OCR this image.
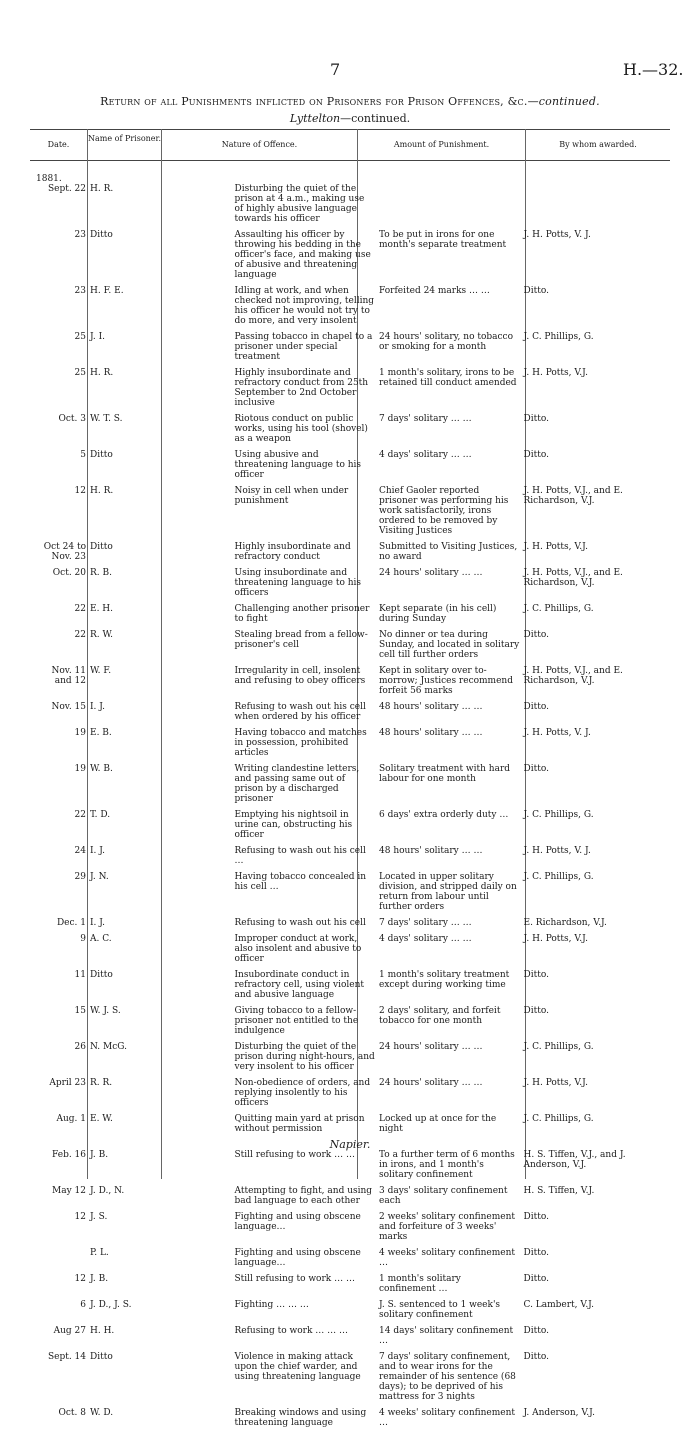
7	H.—32.
Return of all Punishments inflicted on Prisoners for Prison Offences, &c.—continued.
Lyttelton—continued.
Date.
Name of Prisoner.
Nature of Offence.	Amount of Punishment.	By whom awarded.
1881.				
Sept. 22	H. R.	Disturbing the quiet of the prison at 4 a.m., making use of highly abusive language towards his officer		

23	Ditto	Assaulting his officer by throwing his bedding in the officer's face, and making use of abusive and threatening language	To be put in irons for one month's separate treatment	J. H. Potts, V. J.

23	H. F. E.	Idling at work, and when checked not improving, telling his officer he would not try to do more, and very insolent	Forfeited 24 marks … …	Ditto.

25	J. I.	Passing tobacco in chapel to a prisoner under special treatment	24 hours' solitary, no tobacco or smoking for a month	J. C. Phillips, G.

25	H. R.	Highly insubordinate and refractory conduct from 25th September to 2nd October inclusive	1 month's solitary, irons to be retained till conduct amended	J. H. Potts, V.J.

Oct. 3	W. T. S.	Riotous conduct on public works, using his tool (shovel) as a weapon	7 days' solitary … …	Ditto.

5	Ditto	Using abusive and threatening language to his officer	4 days' solitary … …	Ditto.

12	H. R.	Noisy in cell when under punishment	Chief Gaoler reported prisoner was performing his work satisfactorily, irons ordered to be removed by Visiting Justices	J. H. Potts, V.J., and E. Richardson, V.J.

Oct 24 to Nov. 23	Ditto	Highly insubordinate and refractory conduct	Submitted to Visiting Justices, no award	J. H. Potts, V.J.

Oct. 20	R. B.	Using insubordinate and threatening language to his officers	24 hours' solitary … …	J. H. Potts, V.J., and E. Richardson, V.J.

22	E. H.	Challenging another prisoner to fight	Kept separate (in his cell) during Sunday	J. C. Phillips, G.

22	R. W.	Stealing bread from a fellow-prisoner's cell	No dinner or tea during Sunday, and located in solitary cell till further orders	Ditto.

Nov. 11 and 12	W. F.	Irregularity in cell, insolent and refusing to obey officers	Kept in solitary over to-morrow; Justices recommend forfeit 56 marks	J. H. Potts, V.J., and E. Richardson, V.J.

Nov. 15	I. J.	Refusing to wash out his cell when ordered by his officer	48 hours' solitary … …	Ditto.

19	E. B.	Having tobacco and matches in possession, prohibited articles	48 hours' solitary … …	J. H. Potts, V. J.

19	W. B.	Writing clandestine letters, and passing same out of prison by a discharged prisoner	Solitary treatment with hard labour for one month	Ditto.

22	T. D.	Emptying his nightsoil in urine can, obstructing his officer	6 days' extra orderly duty …	J. C. Phillips, G.

24	I. J.	Refusing to wash out his cell …	48 hours' solitary … …	J. H. Potts, V. J.

29	J. N.	Having tobacco concealed in his cell …	Located in upper solitary division, and stripped daily on return from labour until further orders	J. C. Phillips, G.

Dec. 1	I. J.	Refusing to wash out his cell	7 days' solitary … …	E. Richardson, V.J.

9	A. C.	Improper conduct at work, also insolent and abusive to officer	4 days' solitary … …	J. H. Potts, V.J.

11	Ditto	Insubordinate conduct in refractory cell, using violent and abusive language	1 month's solitary treatment except during working time	Ditto.

15	W. J. S.	Giving tobacco to a fellow-prisoner not entitled to the indulgence	2 days' solitary, and forfeit tobacco for one month	Ditto.

26	N. McG.	Disturbing the quiet of the prison during night-hours, and very insolent to his officer	24 hours' solitary … …	J. C. Phillips, G.

April 23	R. R.	Non-obedience of orders, and replying insolently to his officers	24 hours' solitary … …	J. H. Potts, V.J.

Aug. 1	E. W.	Quitting main yard at prison without permission	Locked up at once for the night	J. C. Phillips, G.

Napier.				
Feb. 16	J. B.	Still refusing to work … …	To a further term of 6 months in irons, and 1 month's solitary confinement	H. S. Tiffen, V.J., and J. Anderson, V.J.

May 12	J. D., N.	Attempting to fight, and using bad language to each other	3 days' solitary confinement each	H. S. Tiffen, V.J.

12	J. S.	Fighting and using obscene language…	2 weeks' solitary confinement and forfeiture of 3 weeks' marks	Ditto.

	P. L.	Fighting and using obscene language…	4 weeks' solitary confinement …	Ditto.

12	J. B.	Still refusing to work … …	1 month's solitary confinement …	Ditto.

6	J. D., J. S.	Fighting … … …	J. S. sentenced to 1 week's solitary confinement	C. Lambert, V.J.

Aug 27	H. H.	Refusing to work … … …	14 days' solitary confinement …	Ditto.

Sept. 14	Ditto	Violence in making attack upon the chief warder, and using threatening language	7 days' solitary confinement, and to wear irons for the remainder of his sentence (68 days); to be deprived of his mattress for 3 nights	Ditto.

Oct. 8	W. D.	Breaking windows and using threatening language	4 weeks' solitary confinement …	J. Anderson, V.J.
